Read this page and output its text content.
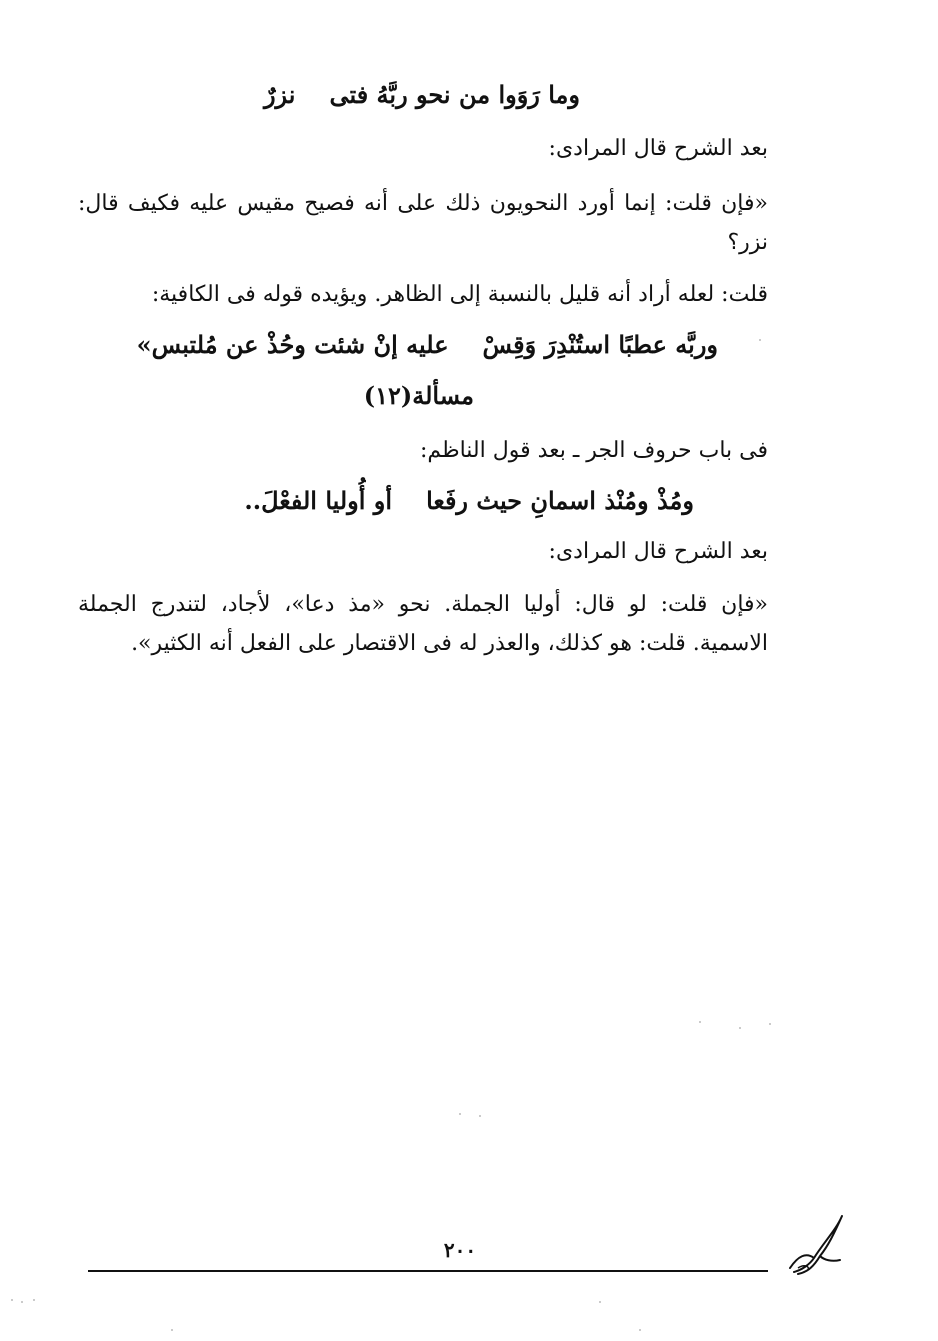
وما رَوَوا من نحو ربَّهُ فتىنزرٌ
بعد الشرح قال المرادى:
«فإن قلت: إنما أورد النحويون ذلك على أنه فصيح مقيس عليه فكيف قال: نزر؟
قلت: لعله أراد أنه قليل بالنسبة إلى الظاهر. ويؤيده قوله فى الكافية:
وربَّه عطبًا استُنْدِرَ وَقِسْعليه إنْ شئت وحُذْ عن مُلتبس»
مسألة(١٢)
فى باب حروف الجر ـ بعد قول الناظم:
ومُذْ ومُنْذ اسمانِ حيث رفَعاأو أُوليا الفعْلَ..
بعد الشرح قال المرادى:
«فإن قلت: لو قال: أوليا الجملة. نحو «مذ دعا»، لأجاد، لتندرج الجملة الاسمية. قلت: هو كذلك، والعذر له فى الاقتصار على الفعل أنه الكثير».
٢٠٠
